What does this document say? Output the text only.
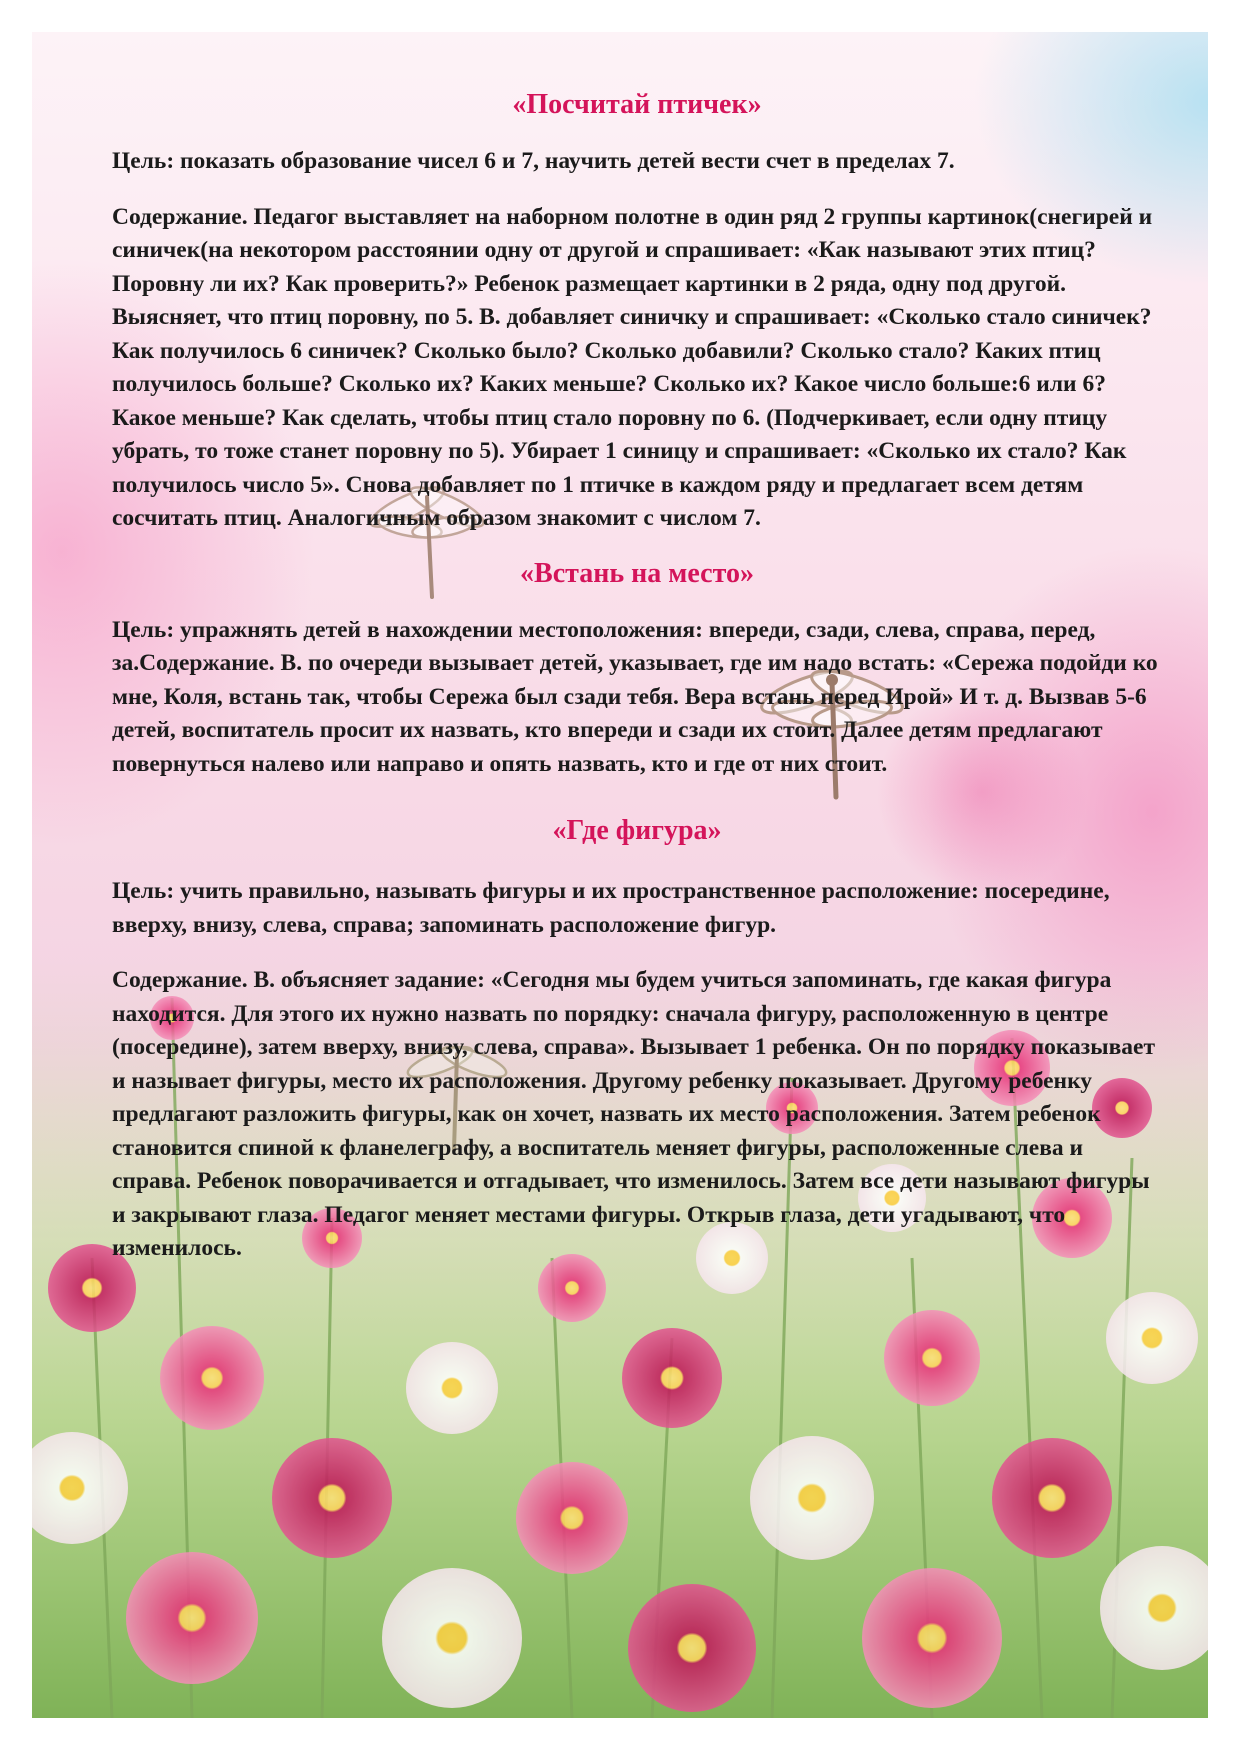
«Посчитай птичек»

Цель: показать образование чисел 6 и 7, научить детей вести счет в пределах 7.

Содержание. Педагог выставляет на наборном полотне в один ряд 2 группы картинок(снегирей и синичек(на некотором расстоянии одну от другой и спрашивает: «Как называют этих птиц? Поровну ли их? Как проверить?» Ребенок размещает картинки в 2 ряда, одну под другой. Выясняет, что птиц поровну, по 5. В. добавляет синичку и спрашивает: «Сколько стало синичек? Как получилось 6 синичек? Сколько было? Сколько добавили? Сколько стало? Каких птиц получилось больше? Сколько их? Каких меньше? Сколько их? Какое число больше:6 или 6?Какое меньше? Как сделать, чтобы птиц стало поровну по 6. (Подчеркивает, если одну птицу убрать, то тоже станет поровну по 5). Убирает 1 синицу и спрашивает: «Сколько их стало? Как получилось число 5». Снова добавляет по 1 птичке в каждом ряду и предлагает всем детям сосчитать птиц. Аналогичным образом знакомит с числом 7.

«Встань на место»

Цель: упражнять детей в нахождении местоположения: впереди, сзади, слева, справа, перед, за.Содержание. В. по очереди вызывает детей, указывает, где им надо встать: «Сережа подойди ко мне, Коля, встань так, чтобы Сережа был сзади тебя. Вера встань перед Ирой» И т. д. Вызвав 5-6 детей, воспитатель просит их назвать, кто впереди и сзади их стоит. Далее детям предлагают повернуться налево или направо и опять назвать, кто и где от них стоит.

«Где фигура»

Цель: учить правильно, называть фигуры и их пространственное расположение: посередине, вверху, внизу, слева, справа; запоминать расположение фигур.

Содержание. В. объясняет задание: «Сегодня мы будем учиться запоминать, где какая фигура находится. Для этого их нужно назвать по порядку: сначала фигуру, расположенную в центре (посередине), затем вверху, внизу, слева, справа». Вызывает 1 ребенка. Он по порядку показывает и называет фигуры, место их расположения. Другому ребенку показывает. Другому ребенку предлагают разложить фигуры, как он хочет, назвать их место расположения. Затем ребенок становится спиной к фланелеграфу, а воспитатель меняет фигуры, расположенные слева и справа. Ребенок поворачивается и отгадывает, что изменилось. Затем все дети называют фигуры и закрывают глаза. Педагог меняет местами фигуры. Открыв глаза, дети угадывают, что изменилось.
